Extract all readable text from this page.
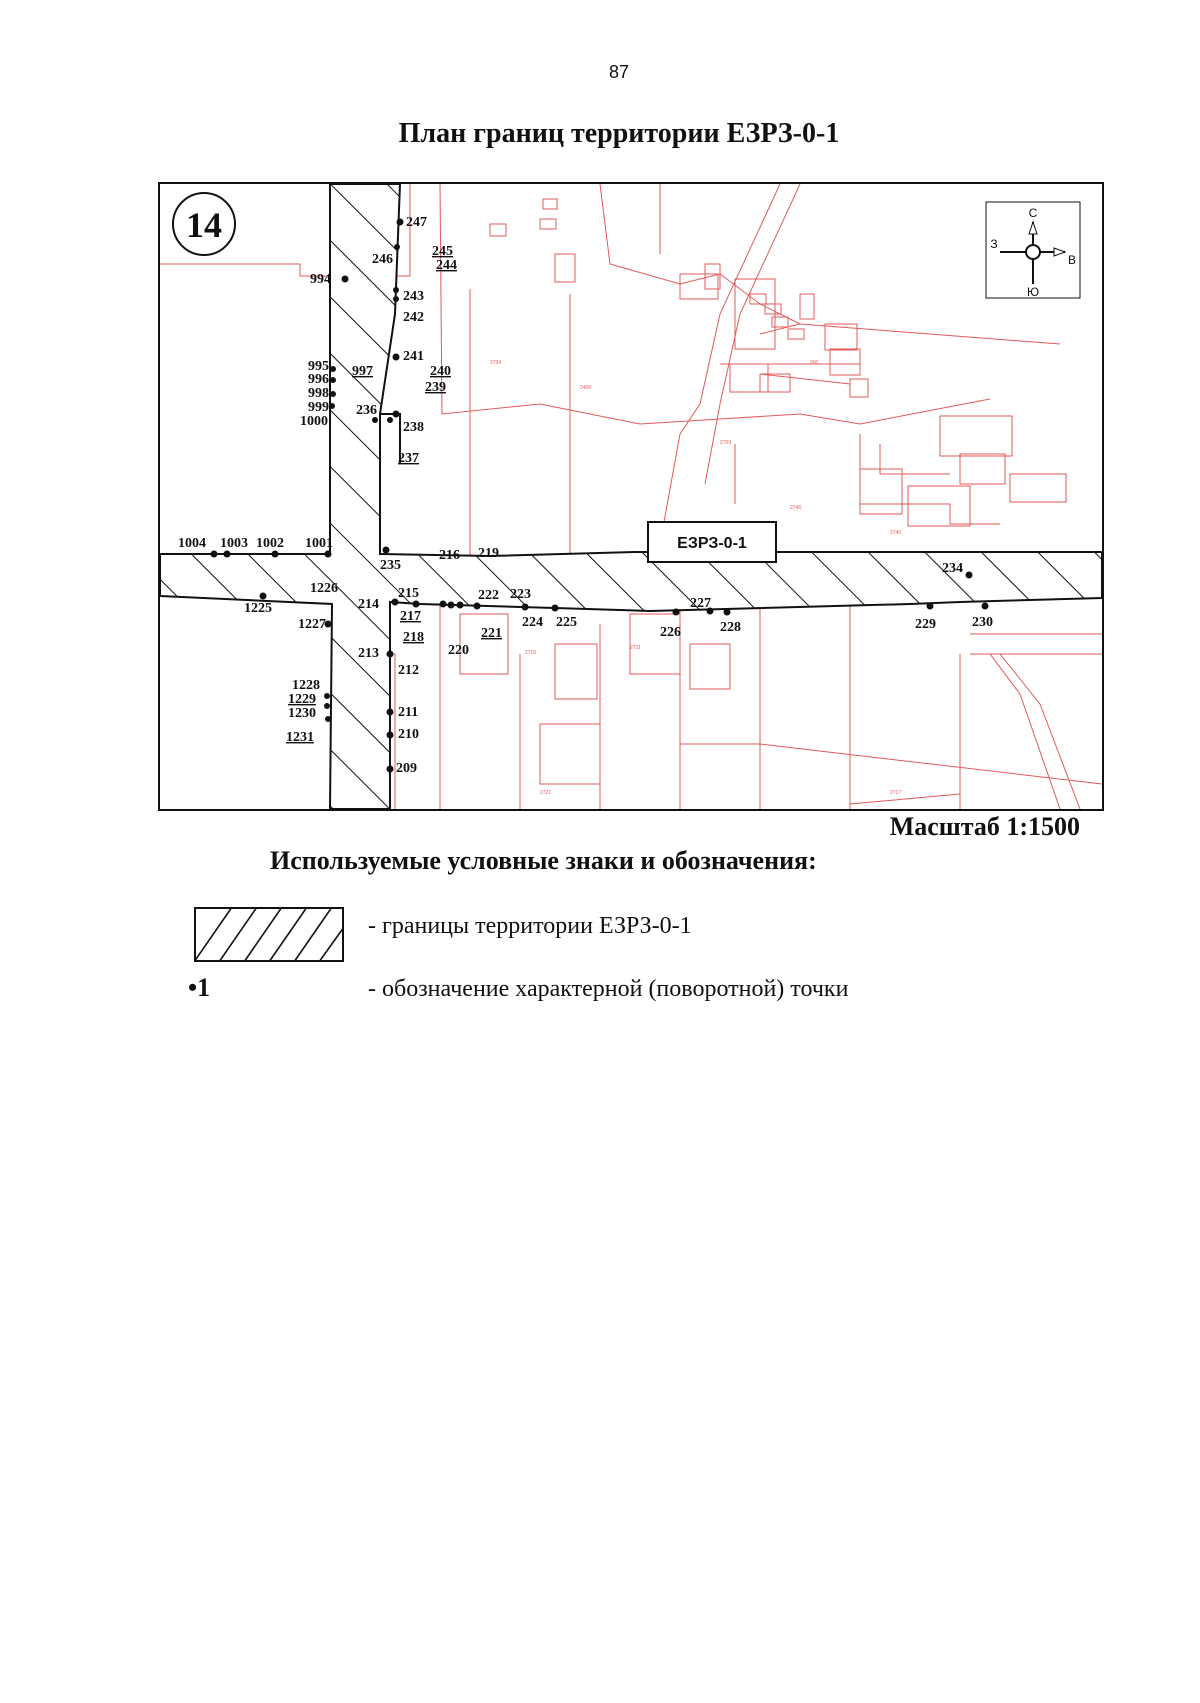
87
План границ территории ЕЗРЗ-0-1
2734
2400
2709
900
2746
2740
2710
2711
2721	2717
247
246
245
244
243
242
994
241
240
239
997
995
996
998
999
1000
236
238
237
1004 1003 1002 1001
235
216 219
234
1226	215	222 223
1225
1227
214
217	224 225
226
227
228	229	230
221
213
218
220
212
1228
1229
1230	211
210
1231
209
14
ЕЗРЗ-0-1
С
Ю
З
В
Масштаб 1:1500
Используемые условные знаки и обозначения:
- границы территории ЕЗРЗ-0-1
•1	- обозначение характерной (поворотной) точки
